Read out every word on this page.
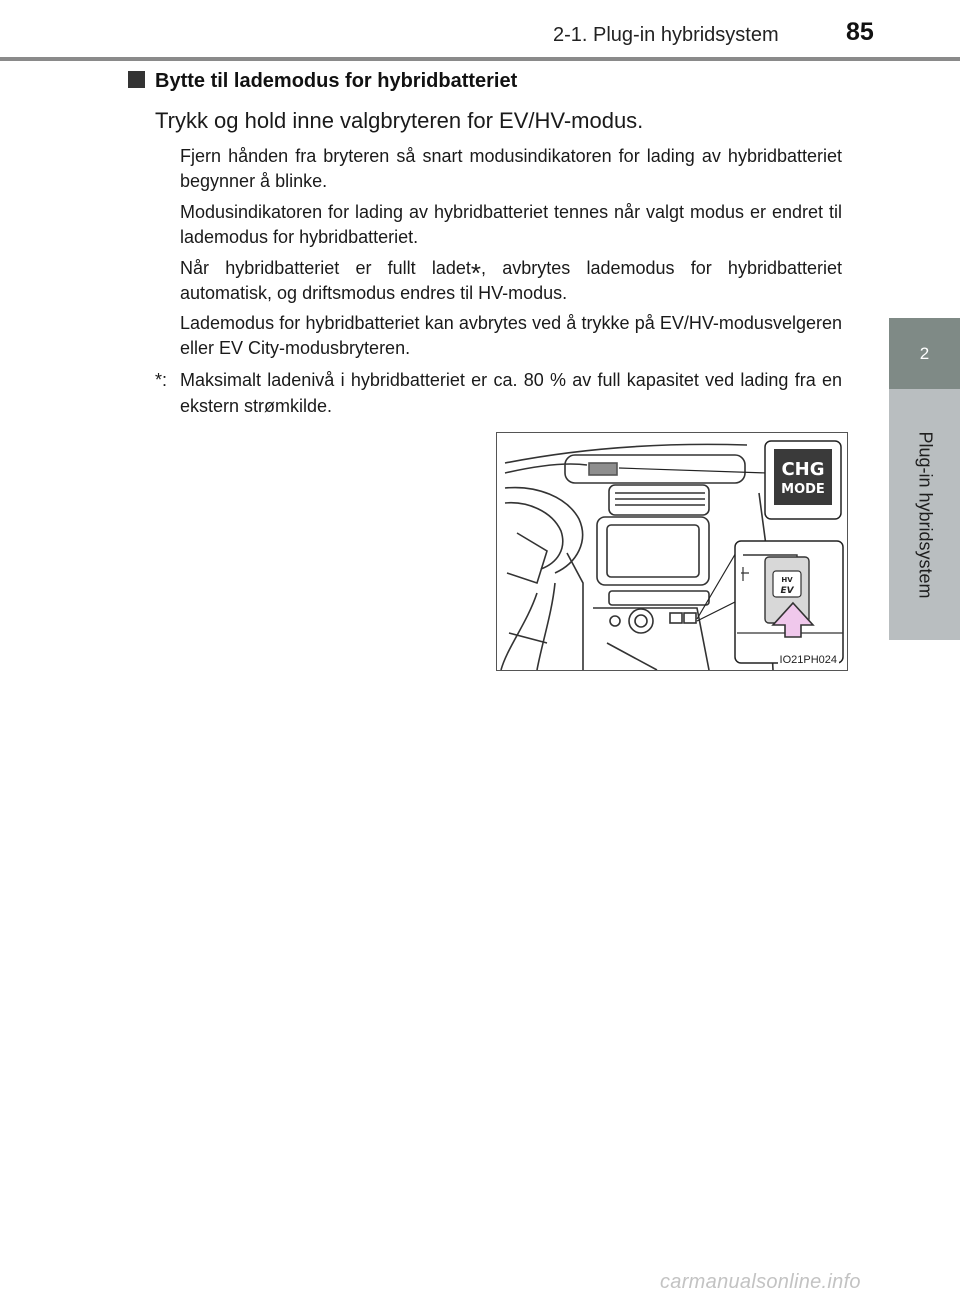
2-1. Plug-in hybridsystem	85
2
Plug-in hybridsystem
Bytte til lademodus for hybridbatteriet
Trykk og hold inne valgbryteren for EV/HV-modus.
Fjern hånden fra bryteren så snart modusindikatoren for lading av hybridbatteriet begynner å blinke.
Modusindikatoren for lading av hybridbatteriet tennes når valgt modus er endret til lademodus for hybridbatteriet.
Når hybridbatteriet er fullt ladet*, avbrytes lademodus for hybridbatteriet automatisk, og driftsmodus endres til HV-modus.
Lademodus for hybridbatteriet kan avbrytes ved å trykke på EV/HV-modusvelgeren eller EV City-modusbryteren.
*: Maksimalt ladenivå i hybridbatteriet er ca. 80 % av full kapasitet ved lading fra en ekstern strømkilde.
CHG
MODE
HV
EV
IO21PH024
carmanualsonline.info
